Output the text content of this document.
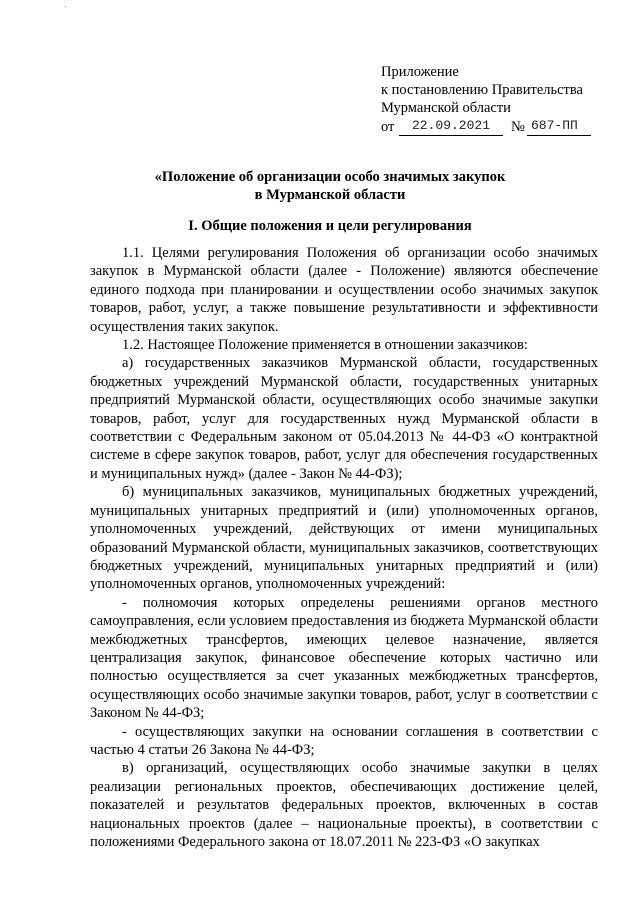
·
Приложение
к постановлению Правительства
Мурманской области
от	22.09.2021	№ 687-ПП
«Положение об организации особо значимых закупок
в Мурманской области
I. Общие положения и цели регулирования

1.1. Целями регулирования Положения об организации особо значимых закупок в Мурманской области (далее - Положение) являются обеспечение единого подхода при планировании и осуществлении особо значимых закупок товаров, работ, услуг, а также повышение результативности и эффективности осуществления таких закупок.

1.2. Настоящее Положение применяется в отношении заказчиков:

а) государственных заказчиков Мурманской области, государственных бюджетных учреждений Мурманской области, государственных унитарных предприятий Мурманской области, осуществляющих особо значимые закупки товаров, работ, услуг для государственных нужд Мурманской области в соответствии с Федеральным законом от 05.04.2013 № 44-ФЗ «О контрактной системе в сфере закупок товаров, работ, услуг для обеспечения государственных и муниципальных нужд» (далее - Закон № 44-ФЗ);

б) муниципальных заказчиков, муниципальных бюджетных учреждений, муниципальных унитарных предприятий и (или) уполномоченных органов, уполномоченных учреждений, действующих от имени муниципальных образований Мурманской области, муниципальных заказчиков, соответствующих бюджетных учреждений, муниципальных унитарных предприятий и (или) уполномоченных органов, уполномоченных учреждений:

- полномочия которых определены решениями органов местного самоуправления, если условием предоставления из бюджета Мурманской области межбюджетных трансфертов, имеющих целевое назначение, является централизация закупок, финансовое обеспечение которых частично или полностью осуществляется за счет указанных межбюджетных трансфертов, осуществляющих особо значимые закупки товаров, работ, услуг в соответствии с Законом № 44-ФЗ;

- осуществляющих закупки на основании соглашения в соответствии с частью 4 статьи 26 Закона № 44-ФЗ;

в) организаций, осуществляющих особо значимые закупки в целях реализации региональных проектов, обеспечивающих достижение целей, показателей и результатов федеральных проектов, включенных в состав национальных проектов (далее – национальные проекты), в соответствии с положениями Федерального закона от 18.07.2011 № 223-ФЗ «О закупках
